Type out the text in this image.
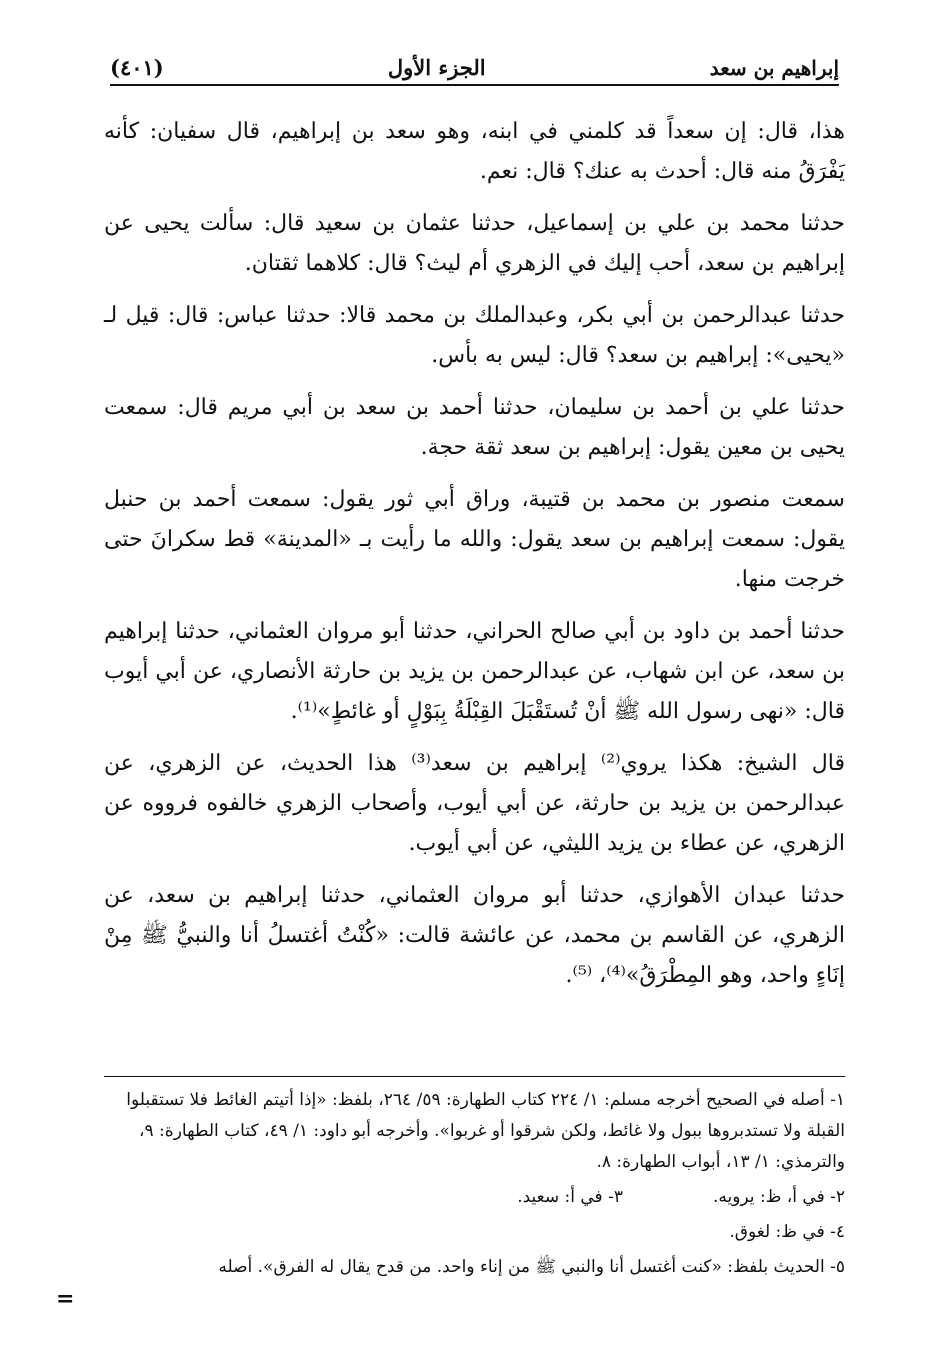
إبراهيم بن سعد
الجزء الأول
(٤٠١)

هذا، قال: إن سعداً قد كلمني في ابنه، وهو سعد بن إبراهيم، قال سفيان: كأنه يَفْرَقُ منه قال: أحدث به عنك؟ قال: نعم.

حدثنا محمد بن علي بن إسماعيل، حدثنا عثمان بن سعيد قال: سألت يحيى عن إبراهيم بن سعد، أحب إليك في الزهري أم ليث؟ قال: كلاهما ثقتان.

حدثنا عبدالرحمن بن أبي بكر، وعبدالملك بن محمد قالا: حدثنا عباس: قال: قيل لـ «يحيى»: إبراهيم بن سعد؟ قال: ليس به بأس.

حدثنا علي بن أحمد بن سليمان، حدثنا أحمد بن سعد بن أبي مريم قال: سمعت يحيى بن معين يقول: إبراهيم بن سعد ثقة حجة.

سمعت منصور بن محمد بن قتيبة، وراق أبي ثور يقول: سمعت أحمد بن حنبل يقول: سمعت إبراهيم بن سعد يقول: والله ما رأيت بـ «المدينة» قط سكرانَ حتى خرجت منها.

حدثنا أحمد بن داود بن أبي صالح الحراني، حدثنا أبو مروان العثماني، حدثنا إبراهيم بن سعد، عن ابن شهاب، عن عبدالرحمن بن يزيد بن حارثة الأنصاري، عن أبي أيوب قال: «نهى رسول الله ﷺ أنْ تُستَقْبَلَ القِبْلَةُ بِبَوْلٍ أو غائطٍ»⁽¹⁾.

قال الشيخ: هكذا يروي⁽²⁾ إبراهيم بن سعد⁽³⁾ هذا الحديث، عن الزهري، عن عبدالرحمن بن يزيد بن حارثة، عن أبي أيوب، وأصحاب الزهري خالفوه فرووه عن الزهري، عن عطاء بن يزيد الليثي، عن أبي أيوب.

حدثنا عبدان الأهوازي، حدثنا أبو مروان العثماني، حدثنا إبراهيم بن سعد، عن الزهري، عن القاسم بن محمد، عن عائشة قالت: «كُنْتُ أغتسلُ أنا والنبيُّ ﷺ مِنْ إنَاءٍ واحد، وهو المِطْرَقُ»⁽⁴⁾، ⁽⁵⁾.

١- أصله في الصحيح أخرجه مسلم: ١/ ٢٢٤ كتاب الطهارة: ٥٩/ ٢٦٤، بلفظ: «إذا أتيتم الغائط فلا تستقبلوا القبلة ولا تستدبروها ببول ولا غائط، ولكن شرقوا أو غربوا». وأخرجه أبو داود: ١/ ٤٩، كتاب الطهارة: ٩، والترمذي: ١/ ١٣، أبواب الطهارة: ٨.
٢- في أ، ظ: يرويه.
٣- في أ: سعيد.
٤- في ظ: لغوق.
٥- الحديث بلفظ: «كنت أغتسل أنا والنبي ﷺ من إناء واحد. من قدح يقال له الفرق». أصله
=
